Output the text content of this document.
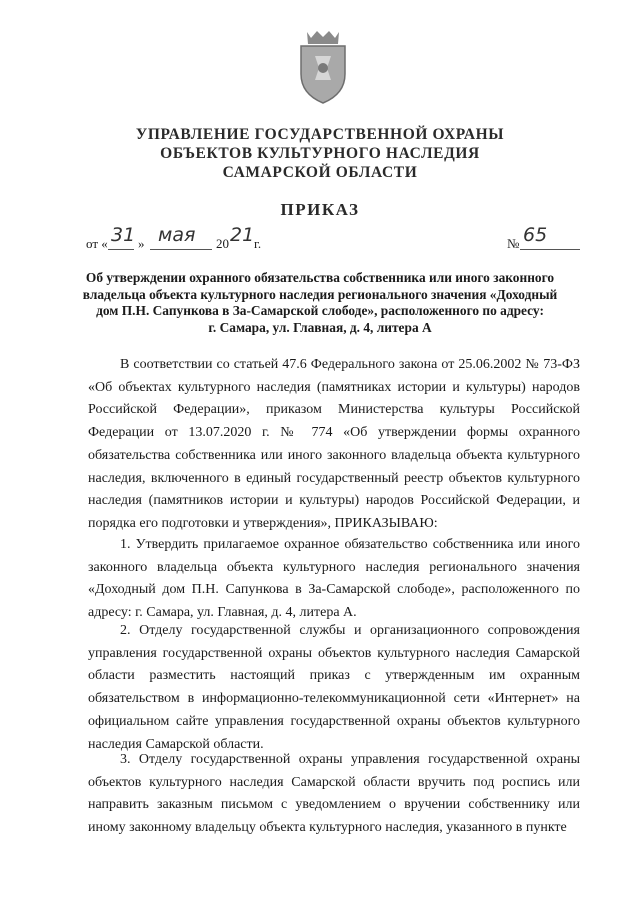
УПРАВЛЕНИЕ ГОСУДАРСТВЕННОЙ ОХРАНЫ
ОБЪЕКТОВ КУЛЬТУРНОГО НАСЛЕДИЯ
САМАРСКОЙ ОБЛАСТИ
ПРИКАЗ
от « 31 » мая 20 21 г.	№ 65
Об утверждении охранного обязательства собственника или иного законного
владельца объекта культурного наследия регионального значения «Доходный
дом П.Н. Сапункова в За-Самарской слободе», расположенного по адресу:
г. Самара, ул. Главная, д. 4, литера А

В соответствии со статьей 47.6 Федерального закона от 25.06.2002 № 73-ФЗ «Об объектах культурного наследия (памятниках истории и культуры) народов Российской Федерации», приказом Министерства культуры Российской Федерации от 13.07.2020 г. № 774 «Об утверждении формы охранного обязательства собственника или иного законного владельца объекта культурного наследия, включенного в единый государственный реестр объектов культурного наследия (памятников истории и культуры) народов Российской Федерации, и порядка его подготовки и утверждения», ПРИКАЗЫВАЮ:

1. Утвердить прилагаемое охранное обязательство собственника или иного законного владельца объекта культурного наследия регионального значения «Доходный дом П.Н. Сапункова в За-Самарской слободе», расположенного по адресу: г. Самара, ул. Главная, д. 4, литера А.

2. Отделу государственной службы и организационного сопровождения управления государственной охраны объектов культурного наследия Самарской области разместить настоящий приказ с утвержденным им охранным обязательством в информационно-телекоммуникационной сети «Интернет» на официальном сайте управления государственной охраны объектов культурного наследия Самарской области.

3. Отделу государственной охраны управления государственной охраны объектов культурного наследия Самарской области вручить под роспись или направить заказным письмом с уведомлением о вручении собственнику или иному законному владельцу объекта культурного наследия, указанного в пункте
